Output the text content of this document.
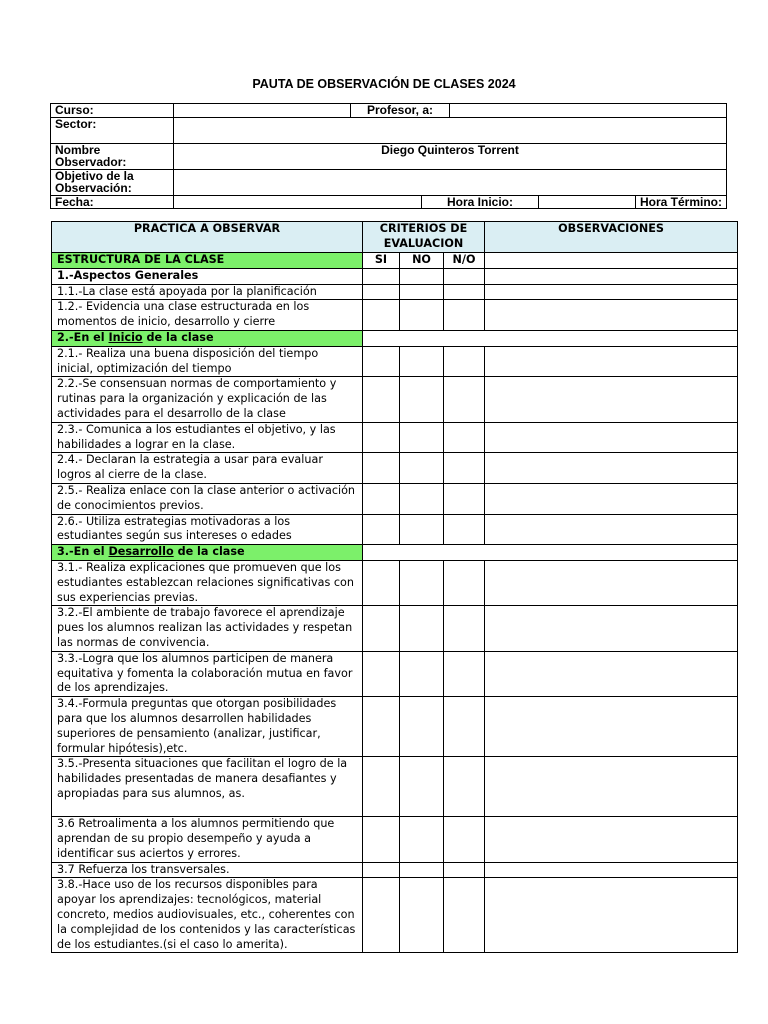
PAUTA DE OBSERVACIÓN DE CLASES 2024
Curso:		Profesor, a:				
Sector:						

Nombre
Observador:	Diego Quinteros Torrent					

Objetivo de la
Observación:						

Fecha:			Hora Inicio:			Hora Término:
PRACTICA A OBSERVAR	CRITERIOS DE
EVALUACION			OBSERVACIONES
ESTRUCTURA DE LA CLASE	SI	NO	N/O	
1.-Aspectos Generales				
1.1.-La clase está apoyada por la planificación				
1.2.- Evidencia una clase estructurada en los momentos de inicio, desarrollo y cierre				
2.-En el Inicio de la clase				
2.1.- Realiza una buena disposición del tiempo inicial, optimización del tiempo				
2.2.-Se consensuan normas de comportamiento y rutinas para la organización y explicación de las actividades para el desarrollo de la clase				
2.3.- Comunica a los estudiantes el objetivo, y las habilidades a lograr en la clase.				
2.4.- Declaran la estrategia a usar para evaluar logros al cierre de la clase.				
2.5.- Realiza enlace con la clase anterior o activación de conocimientos previos.				
2.6.- Utiliza estrategias motivadoras a los estudiantes según sus intereses o edades				
3.-En el Desarrollo de la clase				
3.1.- Realiza explicaciones que promueven que los estudiantes establezcan relaciones significativas con sus experiencias previas.				
3.2.-El ambiente de trabajo favorece el aprendizaje pues los alumnos realizan las actividades y respetan las normas de convivencia.				
3.3.-Logra que los alumnos participen de manera equitativa y fomenta la colaboración mutua en favor de los aprendizajes.				
3.4.-Formula preguntas que otorgan posibilidades para que los alumnos desarrollen habilidades superiores de pensamiento (analizar, justificar, formular hipótesis),etc.				
3.5.-Presenta situaciones que facilitan el logro de la habilidades presentadas de manera desafiantes y apropiadas para sus alumnos, as.				
3.6 Retroalimenta a los alumnos permitiendo que aprendan de su propio desempeño y ayuda a identificar sus aciertos y errores.				
3.7 Refuerza los transversales.				
3.8.-Hace uso de los recursos disponibles para apoyar los aprendizajes: tecnológicos, material concreto, medios audiovisuales, etc., coherentes con la complejidad de los contenidos y las características de los estudiantes.(si el caso lo amerita).				
